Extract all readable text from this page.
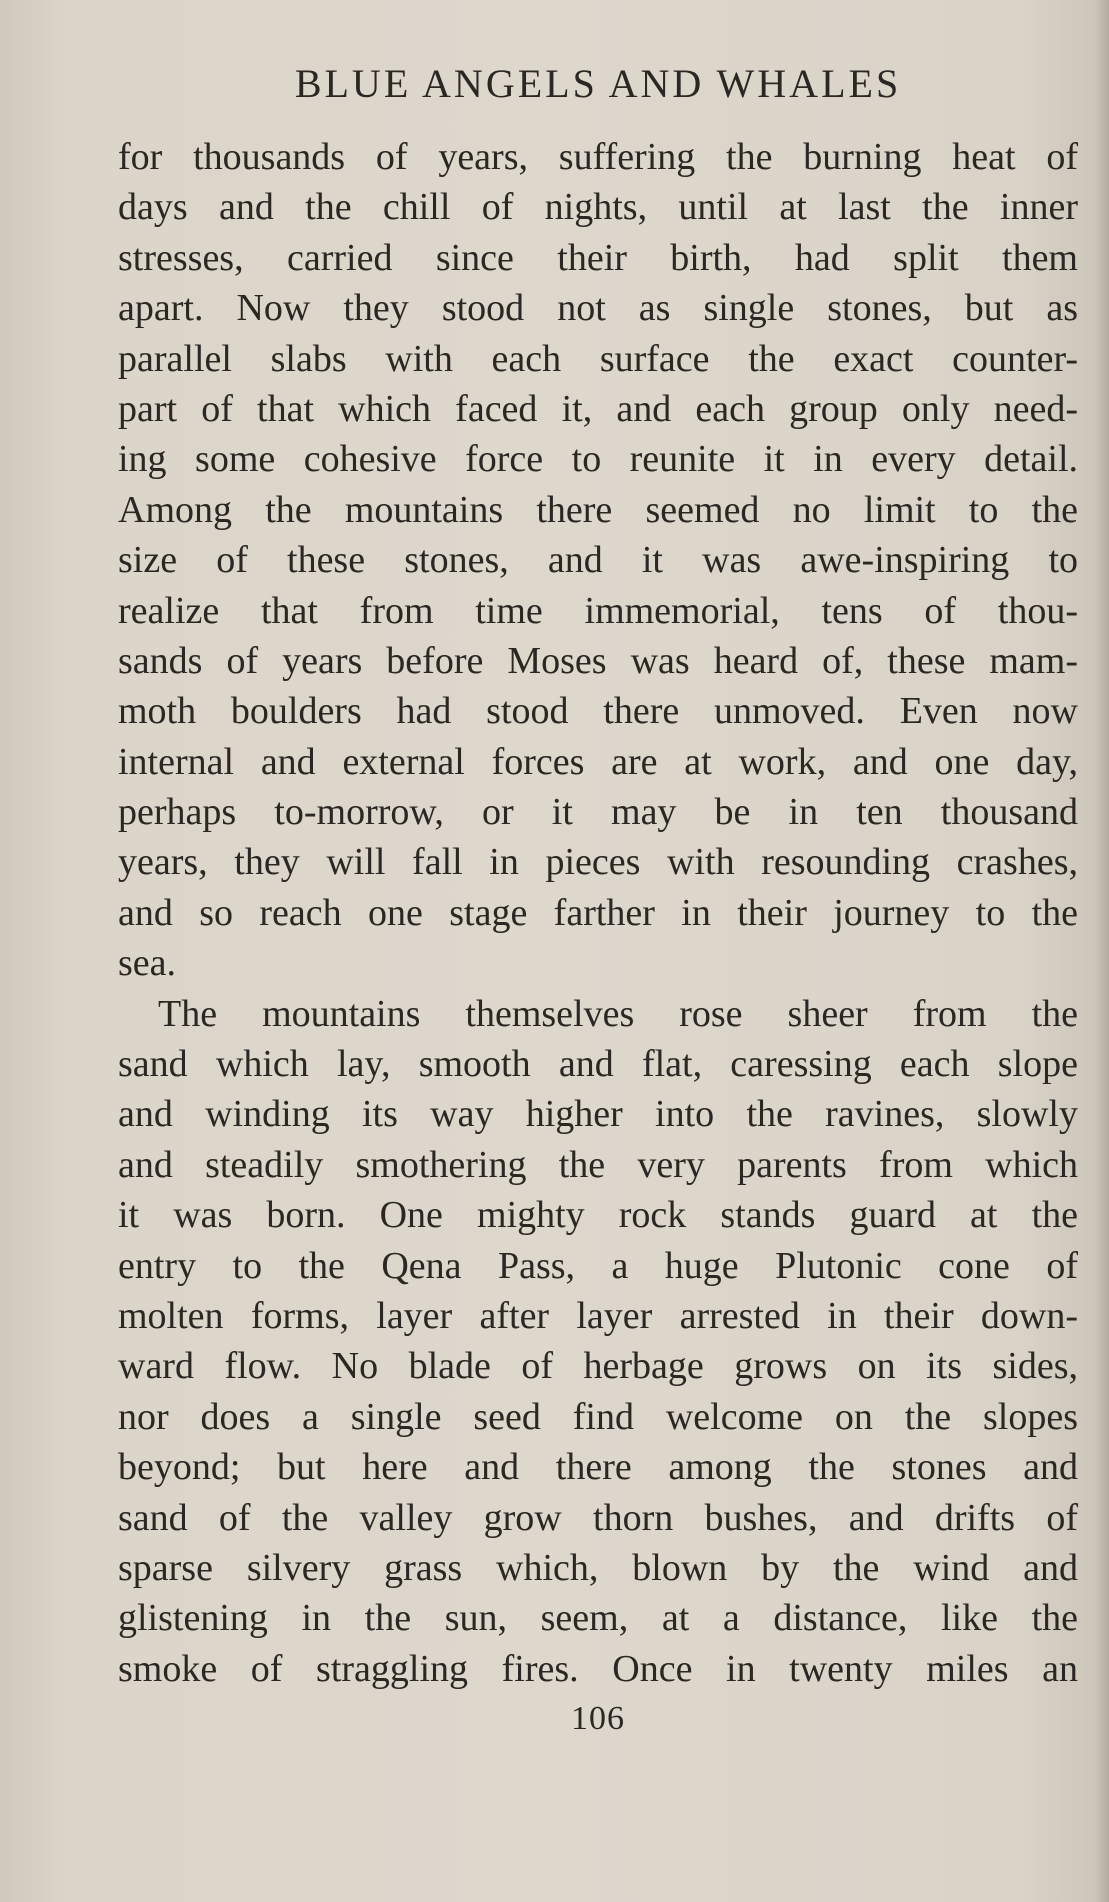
BLUE ANGELS AND WHALES
for thousands of years, suffering the burning heat of
days and the chill of nights, until at last the inner
stresses, carried since their birth, had split them
apart. Now they stood not as single stones, but as
parallel slabs with each surface the exact counter-
part of that which faced it, and each group only need-
ing some cohesive force to reunite it in every detail.
Among the mountains there seemed no limit to the
size of these stones, and it was awe-inspiring to
realize that from time immemorial, tens of thou-
sands of years before Moses was heard of, these mam-
moth boulders had stood there unmoved. Even now
internal and external forces are at work, and one day,
perhaps to-morrow, or it may be in ten thousand
years, they will fall in pieces with resounding crashes,
and so reach one stage farther in their journey to the
sea.
The mountains themselves rose sheer from the
sand which lay, smooth and flat, caressing each slope
and winding its way higher into the ravines, slowly
and steadily smothering the very parents from which
it was born. One mighty rock stands guard at the
entry to the Qena Pass, a huge Plutonic cone of
molten forms, layer after layer arrested in their down-
ward flow. No blade of herbage grows on its sides,
nor does a single seed find welcome on the slopes
beyond; but here and there among the stones and
sand of the valley grow thorn bushes, and drifts of
sparse silvery grass which, blown by the wind and
glistening in the sun, seem, at a distance, like the
smoke of straggling fires. Once in twenty miles an
106
